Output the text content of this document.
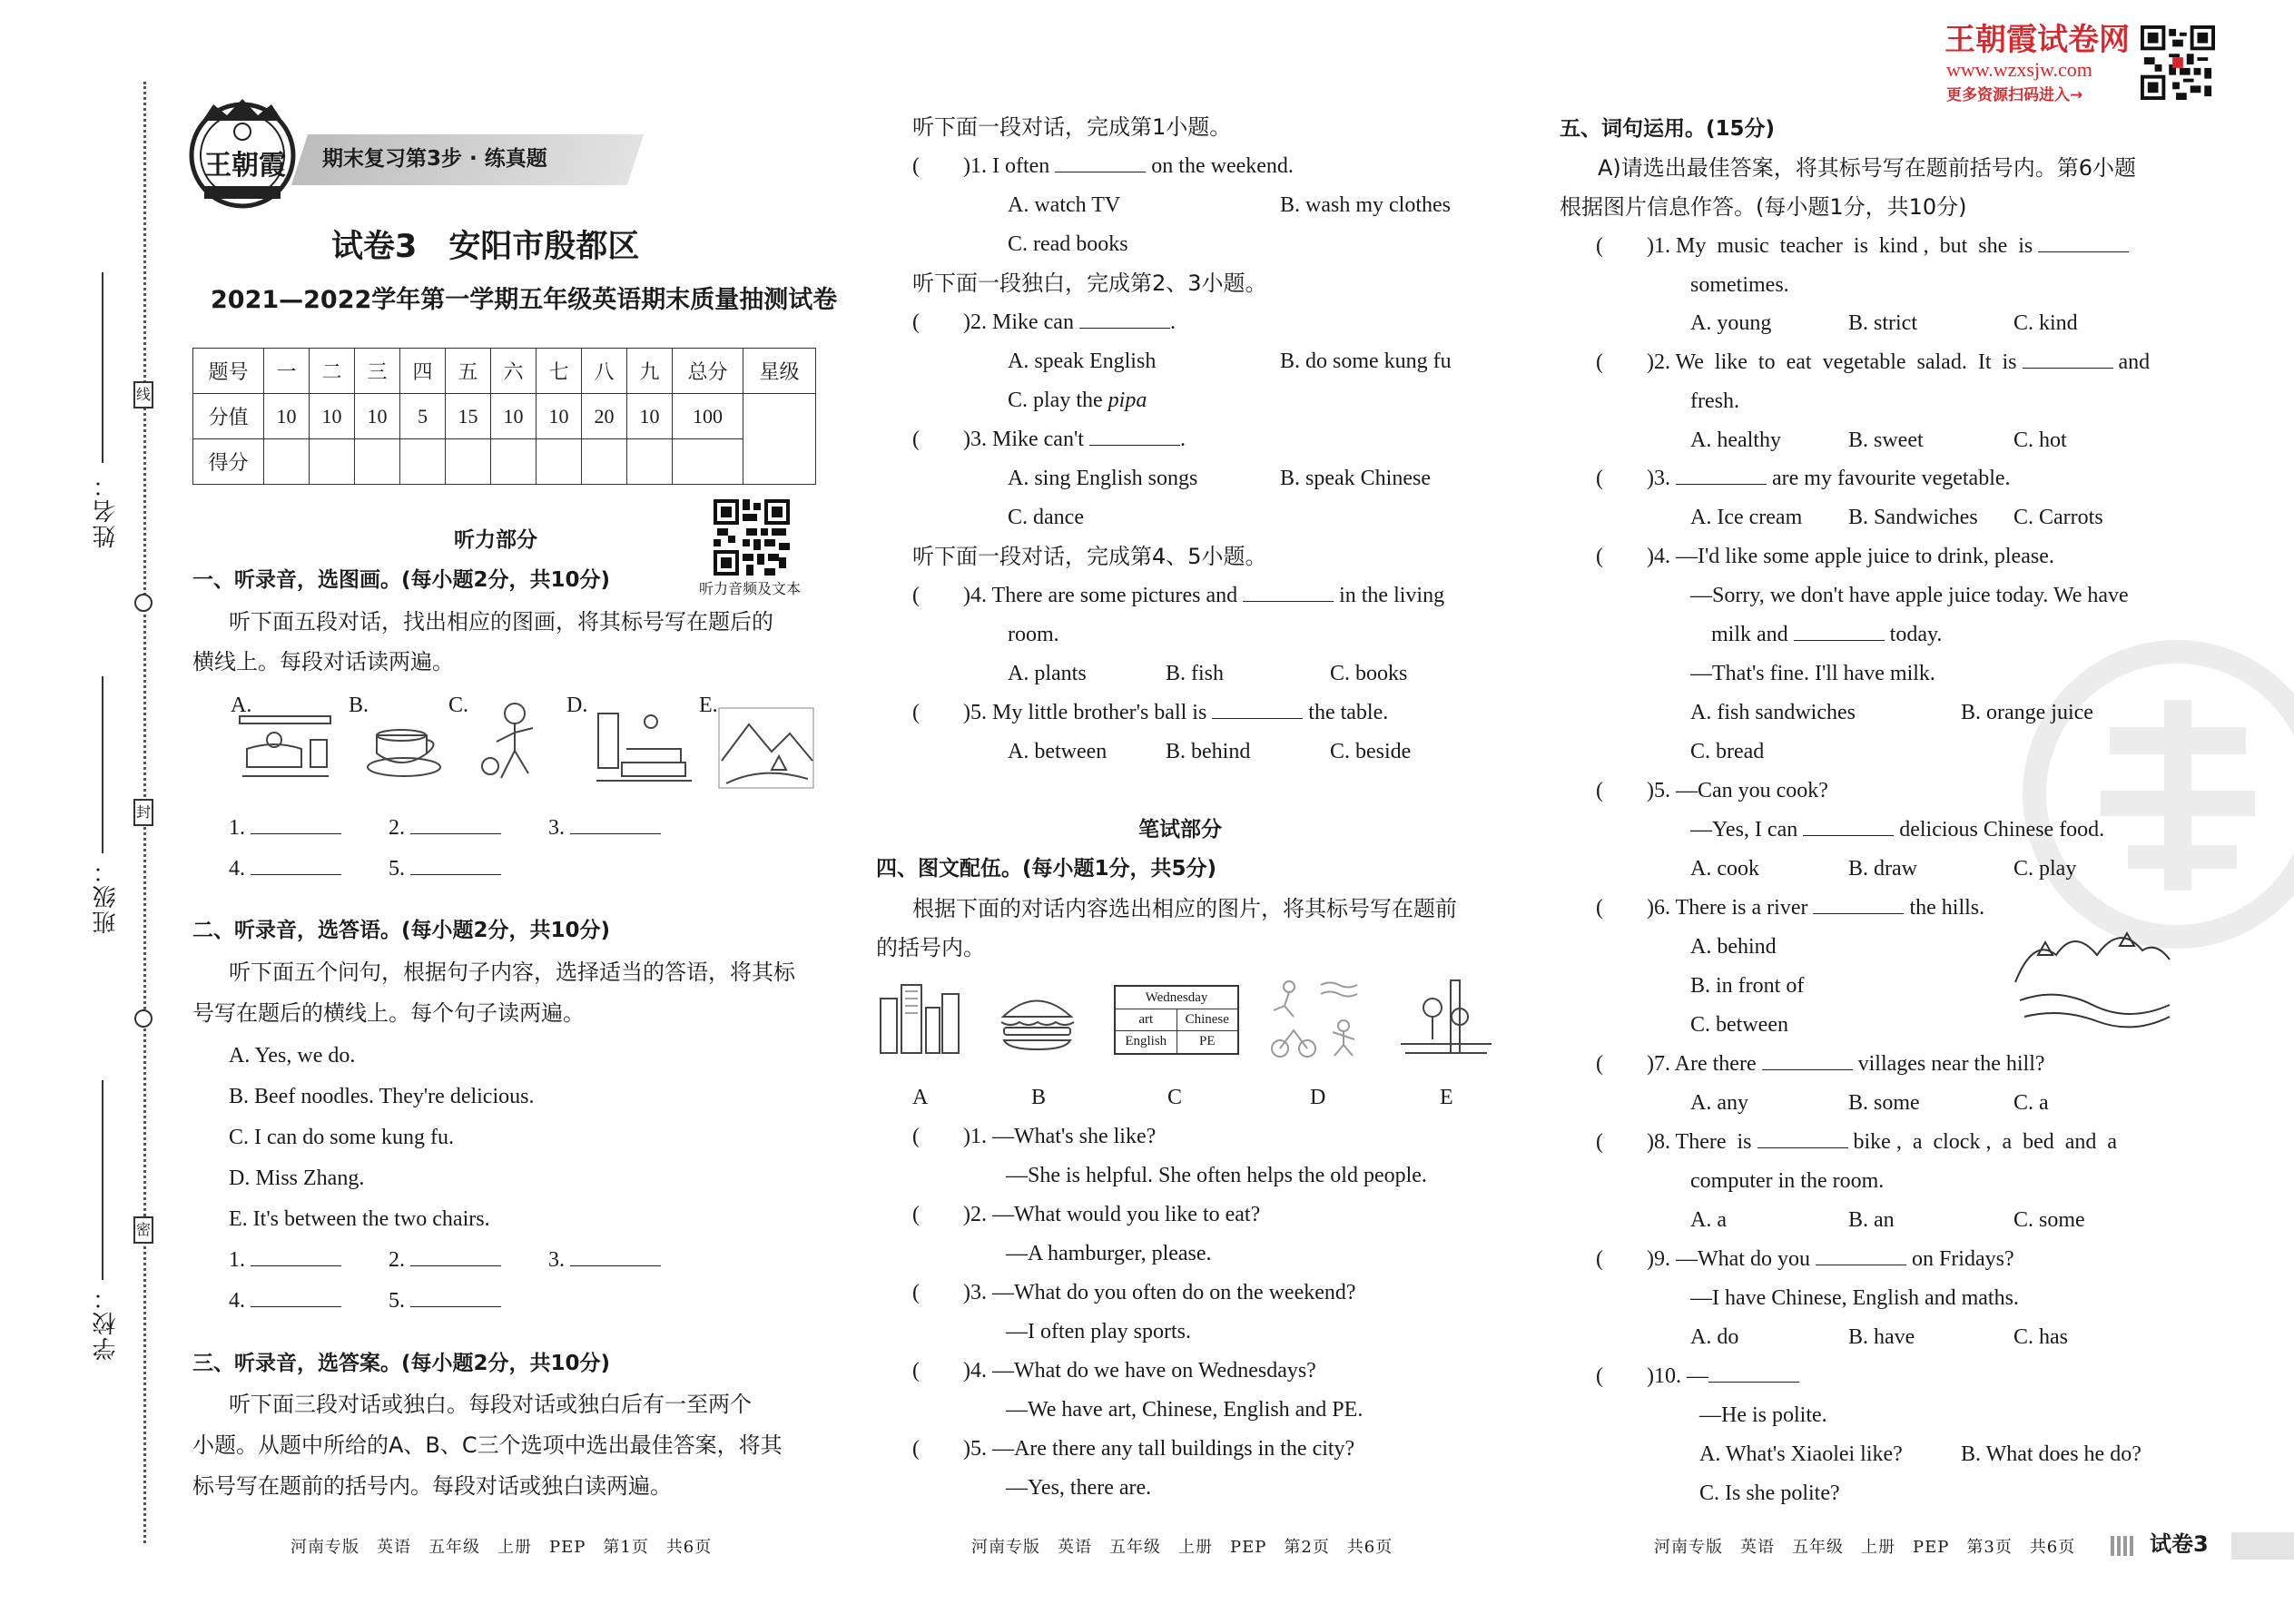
姓名：
班级：
学校：
线
封
密
王朝霞 期末复习第3步 · 练真题
王朝霞试卷网
www.wzxsjw.com
更多资源扫码进入→
试卷3　安阳市殷都区
2021—2022学年第一学期五年级英语期末质量抽测试卷
题号	一	二	三	四	五	六	七	八	九	总分	星级
分值	10	10	10	5	15	10	10	20	10	100	
得分											
听力部分
听力音频及文本
一、听录音，选图画。(每小题2分，共10分)
听下面五段对话，找出相应的图画，将其标号写在题后的
横线上。每段对话读两遍。
A.	B.	C.	D.	E.
1.	2.	3.
4.	5.
二、听录音，选答语。(每小题2分，共10分)
听下面五个问句，根据句子内容，选择适当的答语，将其标
号写在题后的横线上。每个句子读两遍。
A. Yes, we do.
B. Beef noodles. They're delicious.
C. I can do some kung fu.
D. Miss Zhang.
E. It's between the two chairs.
1.	2.	3.
4.	5.
三、听录音，选答案。(每小题2分，共10分)
听下面三段对话或独白。每段对话或独白后有一至两个
小题。从题中所给的A、B、C三个选项中选出最佳答案，将其
标号写在题前的括号内。每段对话或独白读两遍。
河南专版　英语　五年级　上册　PEP　第1页　共6页
听下面一段对话，完成第1小题。
(　　)1. I often	on the weekend.
A. watch TV	B. wash my clothes
C. read books
听下面一段独白，完成第2、3小题。
(　　)2. Mike can	.
A. speak English	B. do some kung fu
C. play the pipa
(　　)3. Mike can't	.
A. sing English songs	B. speak Chinese
C. dance
听下面一段对话，完成第4、5小题。
(　　)4. There are some pictures and	in the living
room.
A. plants	B. fish	C. books
(　　)5. My little brother's ball is	the table.
A. between	B. behind	C. beside
笔试部分
四、图文配伍。(每小题1分，共5分)
根据下面的对话内容选出相应的图片，将其标号写在题前
的括号内。
Wednesday
art	Chinese
English	PE
A	B	C	D	E
(　　)1. —What's she like?
—She is helpful. She often helps the old people.
(　　)2. —What would you like to eat?
—A hamburger, please.
(　　)3. —What do you often do on the weekend?
—I often play sports.
(　　)4. —What do we have on Wednesdays?
—We have art, Chinese, English and PE.
(　　)5. —Are there any tall buildings in the city?
—Yes, there are.
河南专版　英语　五年级　上册　PEP　第2页　共6页
五、词句运用。(15分)
A)请选出最佳答案，将其标号写在题前括号内。第6小题
根据图片信息作答。(每小题1分，共10分)
(　　)1. My  music  teacher  is  kind ,  but  she  is
sometimes.
A. young	B. strict	C. kind
(　　)2. We  like  to  eat  vegetable  salad.  It  is	and
fresh.
A. healthy	B. sweet	C. hot
(　　)3.	are my favourite vegetable.
A. Ice cream B. Sandwiches C. Carrots
(　　)4. —I'd like some apple juice to drink, please.
—Sorry, we don't have apple juice today. We have
milk and	today.
—That's fine. I'll have milk.
A. fish sandwiches	B. orange juice
C. bread
(　　)5. —Can you cook?
—Yes, I can	delicious Chinese food.
A. cook	B. draw	C. play
(　　)6. There is a river	the hills.
A. behind
B. in front of
C. between
(　　)7. Are there	villages near the hill?
A. any	B. some	C. a
(　　)8. There  is	bike ,  a  clock ,  a  bed  and  a
computer in the room.
A. a	B. an	C. some
(　　)9. —What do you	on Fridays?
—I have Chinese, English and maths.
A. do	B. have	C. has
(　　)10. —
—He is polite.
A. What's Xiaolei like?	B. What does he do?
C. Is she polite?
河南专版　英语　五年级　上册　PEP　第3页　共6页	试卷3
